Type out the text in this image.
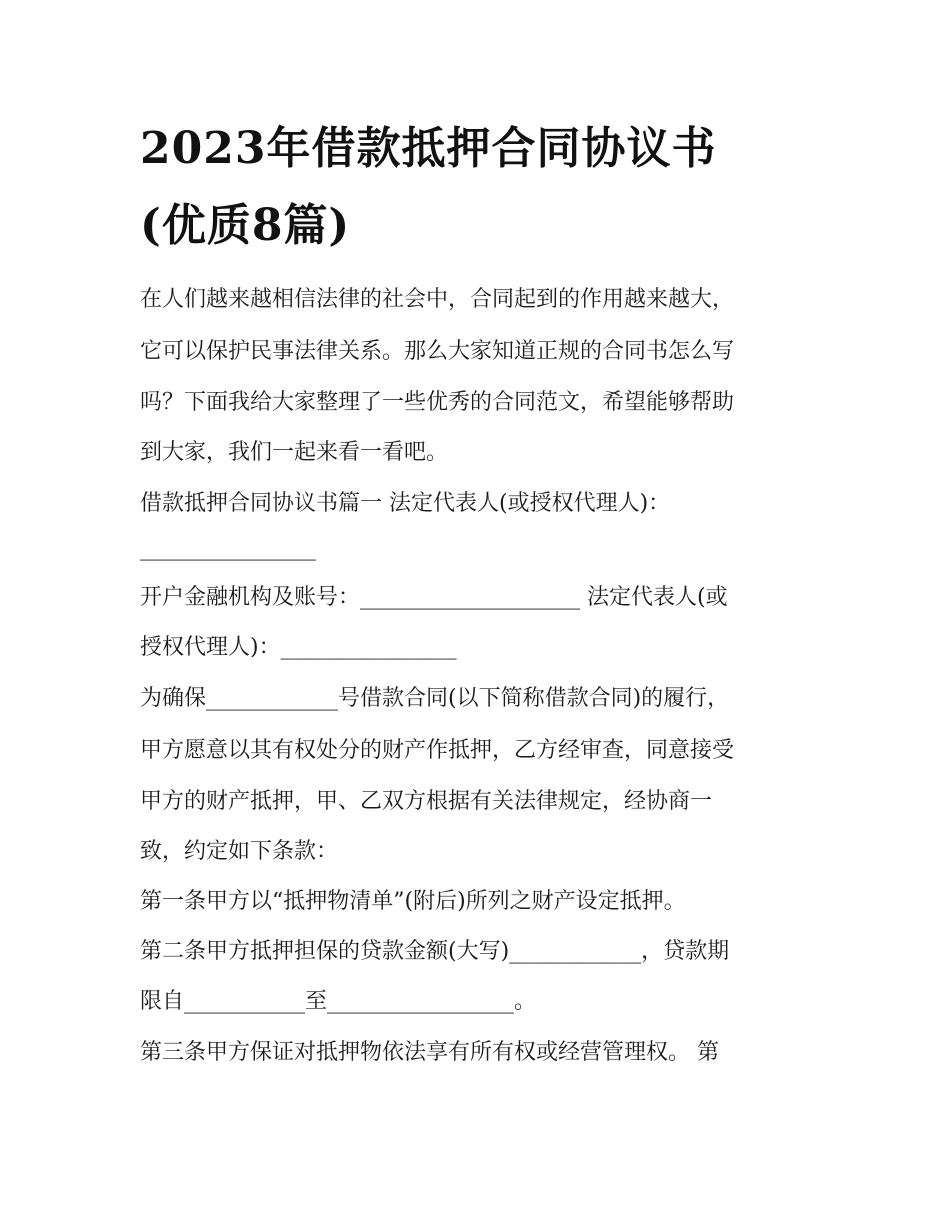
2023年借款抵押合同协议书
(优质8篇)
在人们越来越相信法律的社会中，合同起到的作用越来越大，
它可以保护民事法律关系。那么大家知道正规的合同书怎么写
吗？下面我给大家整理了一些优秀的合同范文，希望能够帮助
到大家，我们一起来看一看吧。
借款抵押合同协议书篇一 法定代表人(或授权代理人)：
________________
开户金融机构及账号：____________________ 法定代表人(或
授权代理人)：________________
为确保____________号借款合同(以下简称借款合同)的履行，
甲方愿意以其有权处分的财产作抵押，乙方经审查，同意接受
甲方的财产抵押，甲、乙双方根据有关法律规定，经协商一
致，约定如下条款：
第一条甲方以“抵押物清单”(附后)所列之财产设定抵押。
第二条甲方抵押担保的贷款金额(大写)____________，贷款期
限自___________至_________________。
第三条甲方保证对抵押物依法享有所有权或经营管理权。 第
